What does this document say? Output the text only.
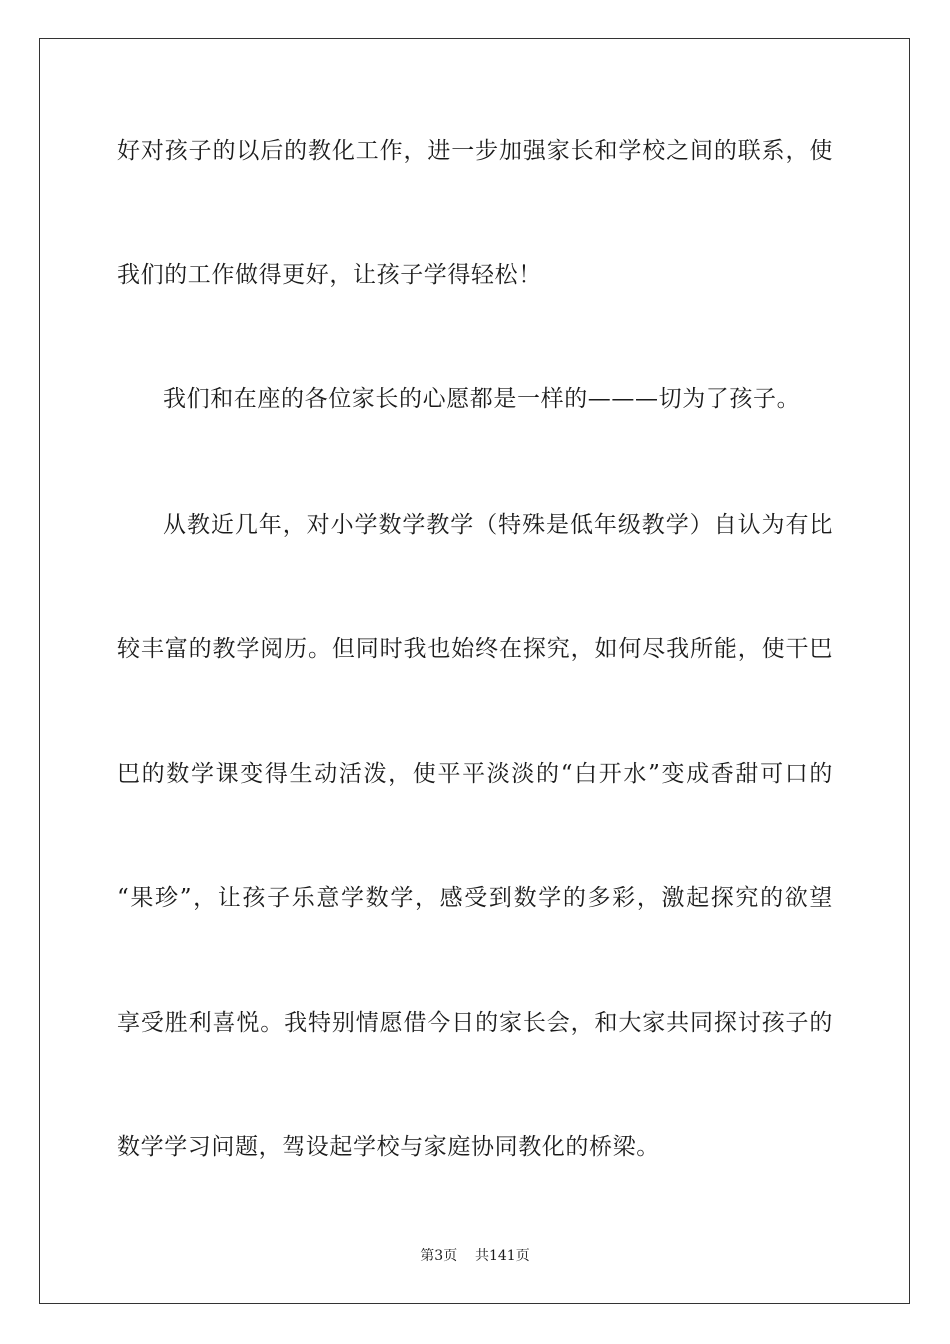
好对孩子的以后的教化工作，进一步加强家长和学校之间的联系，使
我们的工作做得更好，让孩子学得轻松！
我们和在座的各位家长的心愿都是一样的———切为了孩子。
从教近几年，对小学数学教学（特殊是低年级教学）自认为有比
较丰富的教学阅历。但同时我也始终在探究，如何尽我所能，使干巴
巴的数学课变得生动活泼，使平平淡淡的“白开水”变成香甜可口的
“果珍”，让孩子乐意学数学，感受到数学的多彩，激起探究的欲望
享受胜利喜悦。我特别情愿借今日的家长会，和大家共同探讨孩子的
数学学习问题，驾设起学校与家庭协同教化的桥梁。
第3页    共141页
